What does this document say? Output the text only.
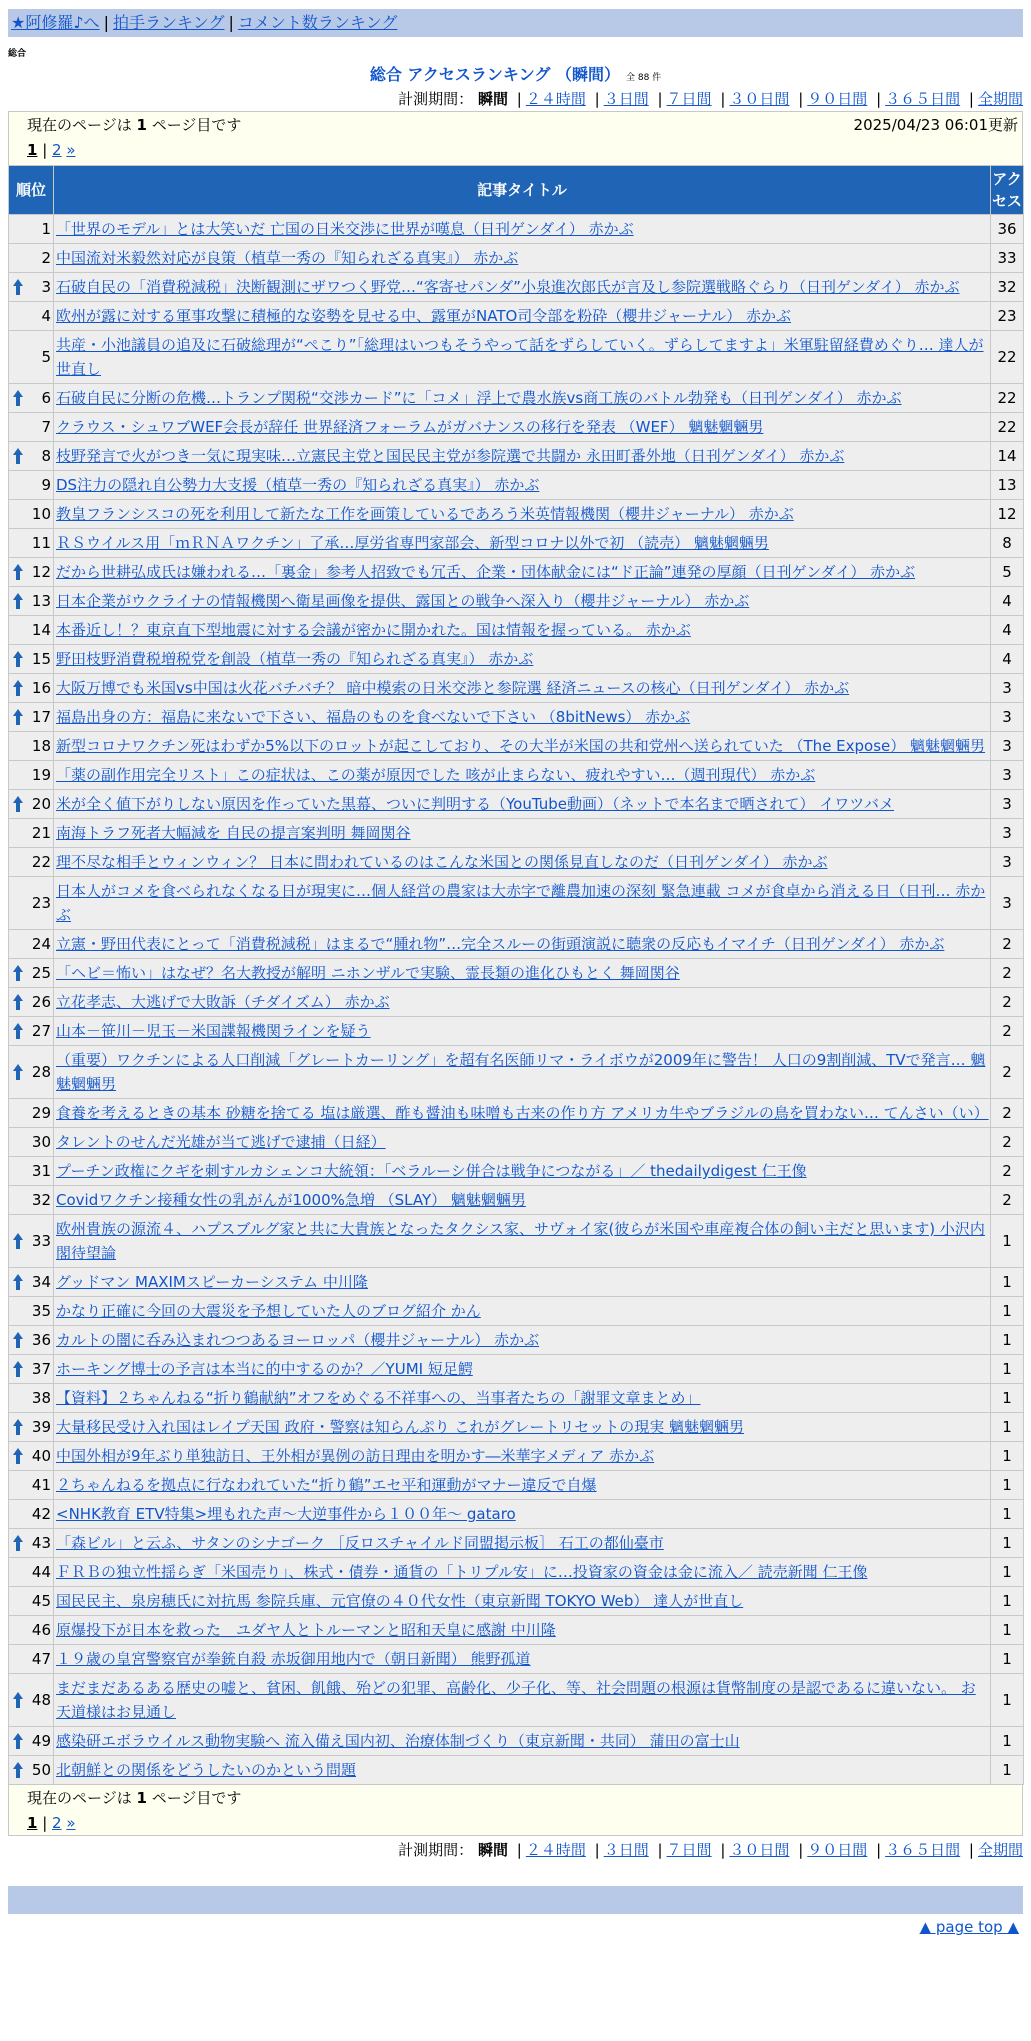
★阿修羅♪へ | 拍手ランキング | コメント数ランキング
総合
総合 アクセスランキング （瞬間） 全 88 件
計測期間： 瞬間 | ２４時間 | ３日間 | ７日間 | ３０日間 | ９０日間 | ３６５日間 | 全期間
現在のページは 1 ページ目です	2025/04/23 06:01更新
1 | 2 »
順位	記事タイトル	アクセス
1	「世界のモデル」とは大笑いだ 亡国の日米交渉に世界が嘆息（日刊ゲンダイ） 赤かぶ	36
2	中国流対米毅然対応が良策（植草一秀の『知られざる真実』） 赤かぶ	33

3	石破自民の「消費税減税」決断観測にザワつく野党…“客寄せパンダ”小泉進次郎氏が言及し参院選戦略ぐらり（日刊ゲンダイ） 赤かぶ	32
4	欧州が露に対する軍事攻撃に積極的な姿勢を見せる中、露軍がNATO司令部を粉砕（櫻井ジャーナル） 赤かぶ	23
5	共産・小池議員の追及に石破総理が“ぺこり”「総理はいつもそうやって話をずらしていく。ずらしてますよ」米軍駐留経費めぐり… 達人が世直し	22

6	石破自民に分断の危機…トランプ関税“交渉カード”に「コメ」浮上で農水族vs商工族のバトル勃発も（日刊ゲンダイ） 赤かぶ	22
7	クラウス・シュワブWEF会長が辞任 世界経済フォーラムがガバナンスの移行を発表 （WEF） 魑魅魍魎男	22

8	枝野発言で火がつき一気に現実味…立憲民主党と国民民主党が参院選で共闘か 永田町番外地（日刊ゲンダイ） 赤かぶ	14
9	DS注力の隠れ自公勢力大支援（植草一秀の『知られざる真実』） 赤かぶ	13
10	教皇フランシスコの死を利用して新たな工作を画策しているであろう米英情報機関（櫻井ジャーナル） 赤かぶ	12
11	ＲＳウイルス用「ｍＲＮＡワクチン」了承…厚労省専門家部会、新型コロナ以外で初 （読売） 魑魅魍魎男	8

12	だから世耕弘成氏は嫌われる…「裏金」参考人招致でも冗舌、企業・団体献金には“ド正論”連発の厚顔（日刊ゲンダイ） 赤かぶ	5

13	日本企業がウクライナの情報機関へ衛星画像を提供、露国との戦争へ深入り（櫻井ジャーナル） 赤かぶ	4
14	本番近し！？東京直下型地震に対する会議が密かに開かれた。国は情報を握っている。 赤かぶ	4

15	野田枝野消費税増税党を創設（植草一秀の『知られざる真実』） 赤かぶ	4

16	大阪万博でも米国vs中国は火花バチバチ？ 暗中模索の日米交渉と参院選 経済ニュースの核心（日刊ゲンダイ） 赤かぶ	3

17	福島出身の方：福島に来ないで下さい、福島のものを食べないで下さい （8bitNews） 赤かぶ	3
18	新型コロナワクチン死はわずか5%以下のロットが起こしており、その大半が米国の共和党州へ送られていた （The Expose） 魑魅魍魎男	3
19	「薬の副作用完全リスト」この症状は、この薬が原因でした 咳が止まらない、疲れやすい…（週刊現代） 赤かぶ	3

20	米が全く値下がりしない原因を作っていた黒幕、ついに判明する（YouTube動画）（ネットで本名まで晒されて） イワツバメ	3
21	南海トラフ死者大幅減を 自民の提言案判明 舞岡関谷	3
22	理不尽な相手とウィンウィン？ 日本に問われているのはこんな米国との関係見直しなのだ（日刊ゲンダイ） 赤かぶ	3
23	日本人がコメを食べられなくなる日が現実に…個人経営の農家は大赤字で離農加速の深刻 緊急連載 コメが食卓から消える日（日刊… 赤かぶ	3
24	立憲・野田代表にとって「消費税減税」はまるで“腫れ物”…完全スルーの街頭演説に聴衆の反応もイマイチ（日刊ゲンダイ） 赤かぶ	2

25	「ヘビ＝怖い」はなぜ？名大教授が解明 ニホンザルで実験、霊長類の進化ひもとく 舞岡関谷	2

26	立花孝志、大逃げで大敗訴（チダイズム） 赤かぶ	2

27	山本－笹川－児玉－米国諜報機関ラインを疑う	2

28	（重要）ワクチンによる人口削減「グレートカーリング」を超有名医師リマ・ライボウが2009年に警告！ 人口の9割削減、TVで発言… 魑魅魍魎男	2
29	食養を考えるときの基本 砂糖を捨てる 塩は厳選、酢も醤油も味噌も古来の作り方 アメリカ牛やブラジルの鳥を買わない… てんさい（い）	2
30	タレントのせんだ光雄が当て逃げで逮捕（日経）	2
31	プーチン政権にクギを刺すルカシェンコ大統領：「ベラルーシ併合は戦争につながる」／ thedailydigest 仁王像	2
32	Covidワクチン接種女性の乳がんが1000%急増 （SLAY） 魑魅魍魎男	2

33	欧州貴族の源流４、ハプスブルグ家と共に大貴族となったタクシス家、サヴォイ家(彼らが米国や車産複合体の飼い主だと思います) 小沢内閣待望論	1

34	グッドマン MAXIMスピーカーシステム 中川隆	1
35	かなり正確に今回の大震災を予想していた人のブログ紹介 かん	1

36	カルトの闇に呑み込まれつつあるヨーロッパ（櫻井ジャーナル） 赤かぶ	1

37	ホーキング博士の予言は本当に的中するのか？／YUMI 短足鰐	1
38	【資料】２ちゃんねる“折り鶴献納”オフをめぐる不祥事への、当事者たちの「謝罪文章まとめ」	1

39	大量移民受け入れ国はレイプ天国 政府・警察は知らんぷり これがグレートリセットの現実 魑魅魍魎男	1

40	中国外相が9年ぶり単独訪日、王外相が異例の訪日理由を明かす―米華字メディア 赤かぶ	1
41	２ちゃんねるを拠点に行なわれていた“折り鶴”エセ平和運動がマナー違反で自爆	1
42	<NHK教育 ETV特集>埋もれた声～大逆事件から１００年～ gataro	1

43	「森ビル」と云ふ、サタンのシナゴーク ［反ロスチャイルド同盟掲示板］ 石工の都仙臺市	1
44	ＦＲＢの独立性揺らぎ「米国売り」、株式・債券・通貨の「トリプル安」に…投資家の資金は金に流入／ 読売新聞 仁王像	1
45	国民民主、泉房穂氏に対抗馬 参院兵庫、元官僚の４０代女性（東京新聞 TOKYO Web） 達人が世直し	1
46	原爆投下が日本を救った＿ユダヤ人とトルーマンと昭和天皇に感謝 中川隆	1
47	１９歳の皇宮警察官が拳銃自殺 赤坂御用地内で（朝日新聞） 熊野孤道	1

48	まだまだあるある歴史の嘘と、貧困、飢餓、殆どの犯罪、高齢化、少子化、等、社会問題の根源は貨幣制度の是認であるに違いない。 お天道様はお見通し	1

49	感染研エボラウイルス動物実験へ 流入備え国内初、治療体制づくり（東京新聞・共同） 蒲田の富士山	1

50	北朝鮮との関係をどうしたいのかという問題	1
現在のページは 1 ページ目です
1 | 2 »
計測期間： 瞬間 | ２４時間 | ３日間 | ７日間 | ３０日間 | ９０日間 | ３６５日間 | 全期間
▲ page top ▲
